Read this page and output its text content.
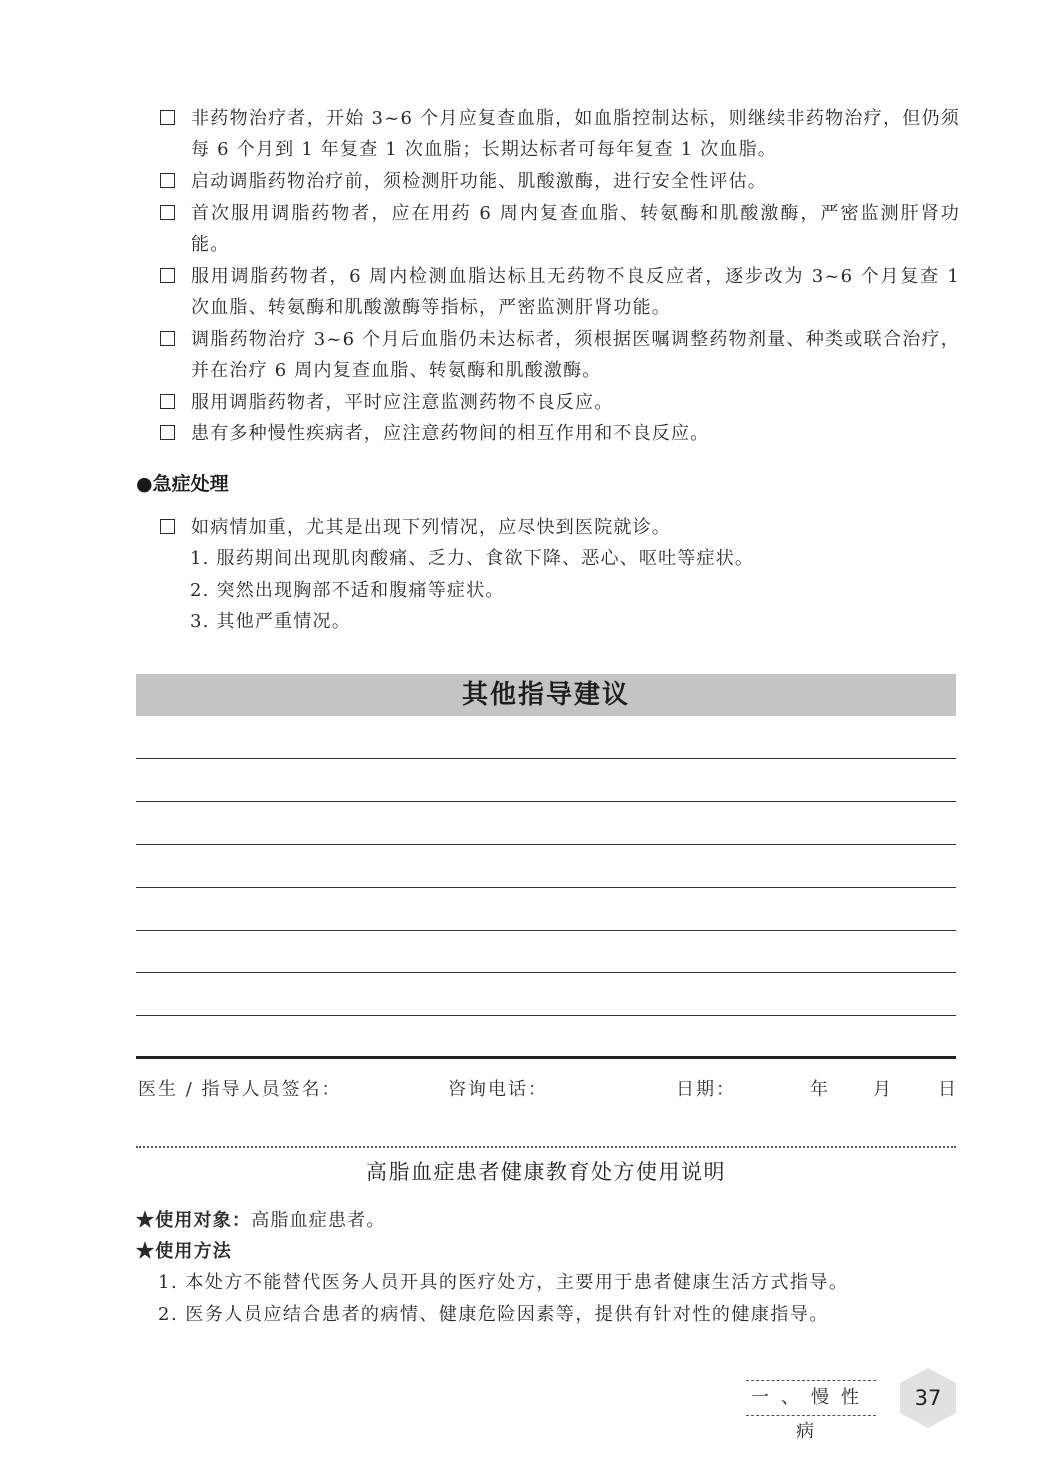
非药物治疗者，开始 3~6 个月应复查血脂，如血脂控制达标，则继续非药物治疗，但仍须每 6 个月到 1 年复查 1 次血脂；长期达标者可每年复查 1 次血脂。
启动调脂药物治疗前，须检测肝功能、肌酸激酶，进行安全性评估。
首次服用调脂药物者，应在用药 6 周内复查血脂、转氨酶和肌酸激酶，严密监测肝肾功能。
服用调脂药物者，6 周内检测血脂达标且无药物不良反应者，逐步改为 3~6 个月复查 1 次血脂、转氨酶和肌酸激酶等指标，严密监测肝肾功能。
调脂药物治疗 3~6 个月后血脂仍未达标者，须根据医嘱调整药物剂量、种类或联合治疗，并在治疗 6 周内复查血脂、转氨酶和肌酸激酶。
服用调脂药物者，平时应注意监测药物不良反应。
患有多种慢性疾病者，应注意药物间的相互作用和不良反应。
●急症处理
如病情加重，尤其是出现下列情况，应尽快到医院就诊。
1. 服药期间出现肌肉酸痛、乏力、食欲下降、恶心、呕吐等症状。
2. 突然出现胸部不适和腹痛等症状。
3. 其他严重情况。
其他指导建议
医生 / 指导人员签名：	咨询电话：	日期：	年 月	日
高脂血症患者健康教育处方使用说明
★使用对象：高脂血症患者。
★使用方法
1. 本处方不能替代医务人员开具的医疗处方，主要用于患者健康生活方式指导。
2. 医务人员应结合患者的病情、健康危险因素等，提供有针对性的健康指导。
一、慢性病
37
